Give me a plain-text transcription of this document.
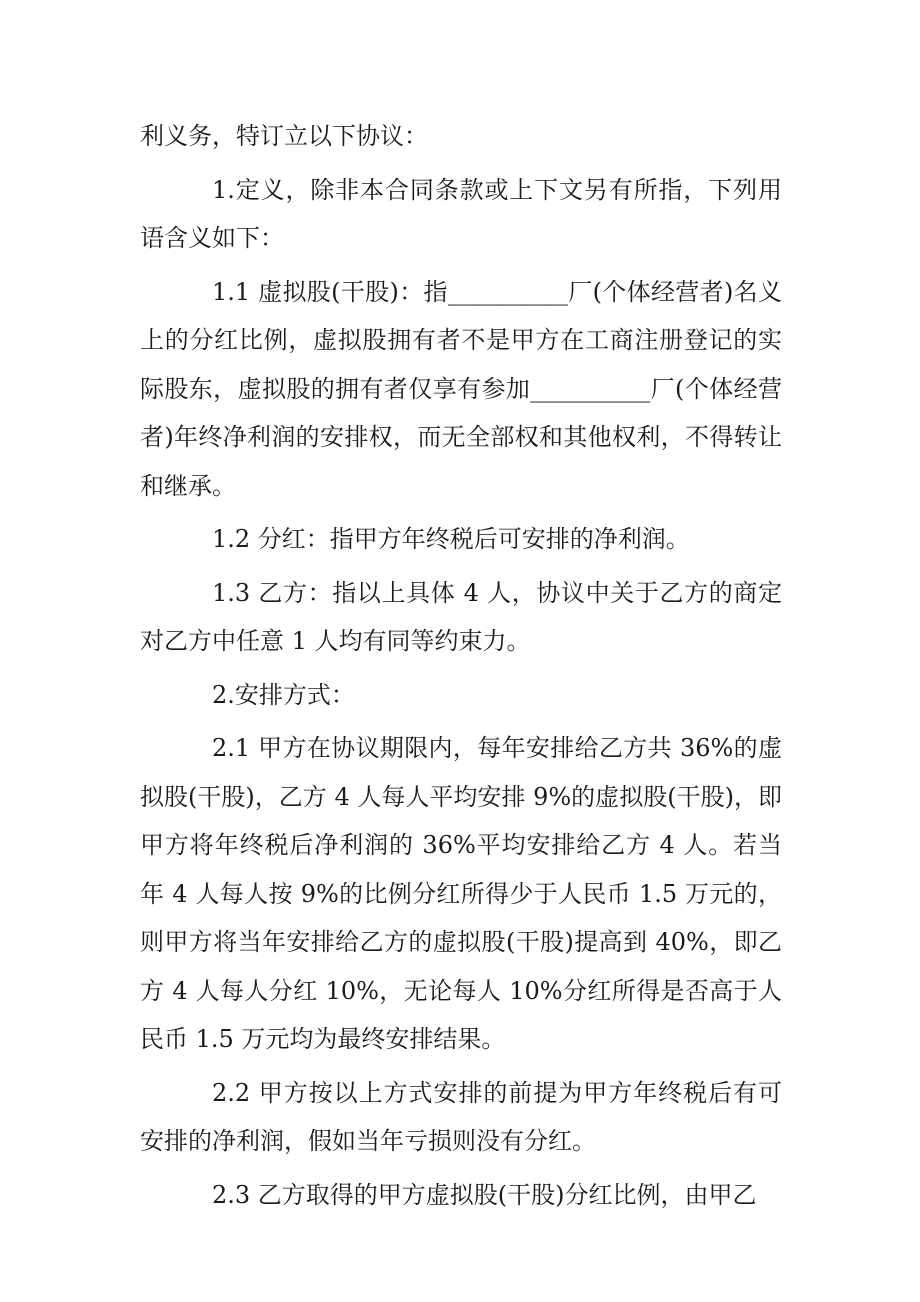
利义务，特订立以下协议：

1.定义，除非本合同条款或上下文另有所指，下列用语含义如下：

1.1 虚拟股(干股)：指__________厂(个体经营者)名义上的分红比例，虚拟股拥有者不是甲方在工商注册登记的实际股东，虚拟股的拥有者仅享有参加__________厂(个体经营者)年终净利润的安排权，而无全部权和其他权利，不得转让和继承。

1.2 分红：指甲方年终税后可安排的净利润。

1.3 乙方：指以上具体 4 人，协议中关于乙方的商定对乙方中任意 1 人均有同等约束力。

2.安排方式：

2.1 甲方在协议期限内，每年安排给乙方共 36%的虚拟股(干股)，乙方 4 人每人平均安排 9%的虚拟股(干股)，即甲方将年终税后净利润的 36%平均安排给乙方 4 人。若当年 4 人每人按 9%的比例分红所得少于人民币 1.5 万元的，则甲方将当年安排给乙方的虚拟股(干股)提高到 40%，即乙方 4 人每人分红 10%，无论每人 10%分红所得是否高于人民币 1.5 万元均为最终安排结果。

2.2 甲方按以上方式安排的前提为甲方年终税后有可安排的净利润，假如当年亏损则没有分红。

2.3 乙方取得的甲方虚拟股(干股)分红比例，由甲乙
